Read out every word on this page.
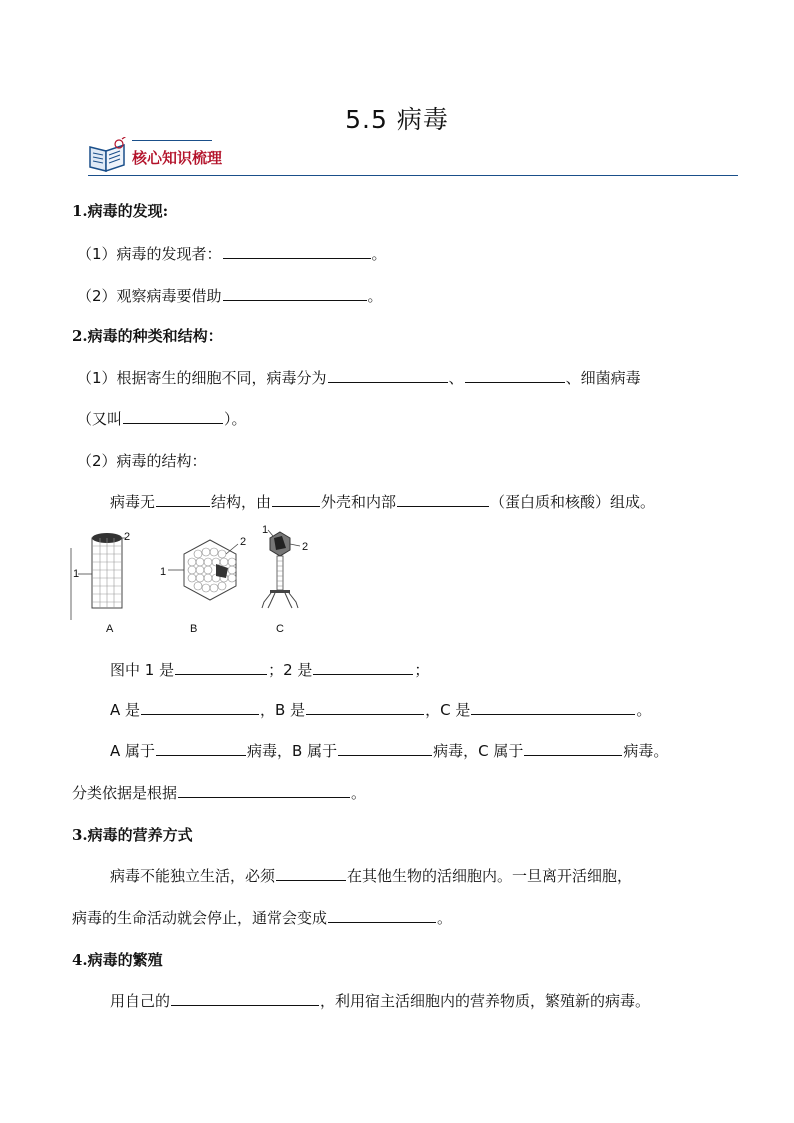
5.5 病毒
核心知识梳理
1.病毒的发现:
（1）病毒的发现者：	。
（2）观察病毒要借助	。
2.病毒的种类和结构：
（1）根据寄生的细胞不同，病毒分为	、	、细菌病毒
（又叫	）。
（2）病毒的结构：
病毒无	结构，由	外壳和内部	（蛋白质和核酸）组成。
2
1
2
1
1
2
A	B	C
图中 1 是	；2 是	；
A 是	，B 是	，C 是	。
A 属于	病毒，B 属于	病毒，C 属于	病毒。
分类依据是根据	。
3.病毒的营养方式
病毒不能独立生活，必须	在其他生物的活细胞内。一旦离开活细胞，
病毒的生命活动就会停止，通常会变成	。
4.病毒的繁殖
用自己的	，利用宿主活细胞内的营养物质，繁殖新的病毒。
